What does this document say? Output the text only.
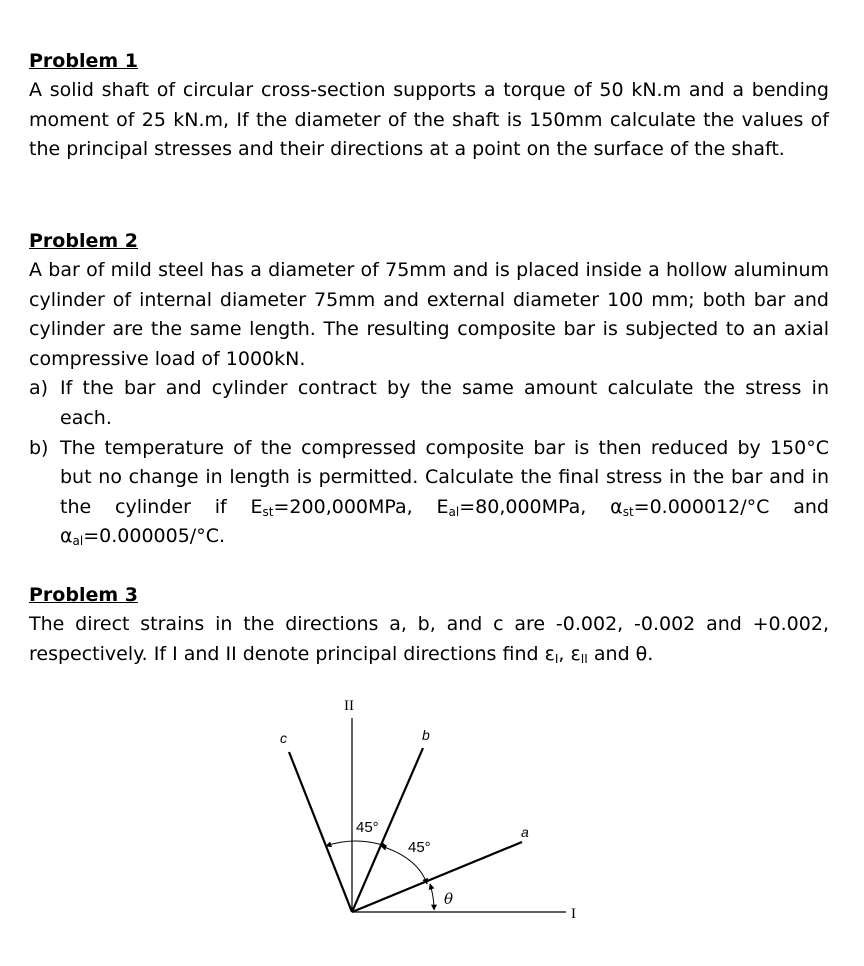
Problem 1
A solid shaft of circular cross-section supports a torque of 50 kN.m and a bending moment of 25 kN.m, If the diameter of the shaft is 150mm calculate the values of the principal stresses and their directions at a point on the surface of the shaft.
Problem 2
A bar of mild steel has a diameter of 75mm and is placed inside a hollow aluminum cylinder of internal diameter 75mm and external diameter 100 mm; both bar and cylinder are the same length. The resulting composite bar is subjected to an axial compressive load of 1000kN.
a) If the bar and cylinder contract by the same amount calculate the stress in each.
b) The temperature of the compressed composite bar is then reduced by 150°C but no change in length is permitted. Calculate the final stress in the bar and in the cylinder if $E_{st}=200,000MPa$, $E_{al}=80,000MPa$, $\alpha_{st}=0.000012/^\circ C$ and $\alpha_{al}=0.000005/^\circ C$.
Problem 3
The direct strains in the directions a, b, and c are -0.002, -0.002 and +0.002, respectively. If I and II denote principal directions find $\varepsilon_I$, $\varepsilon_{II}$ and θ.
II
I
c	b
a
45°
45°
θ
